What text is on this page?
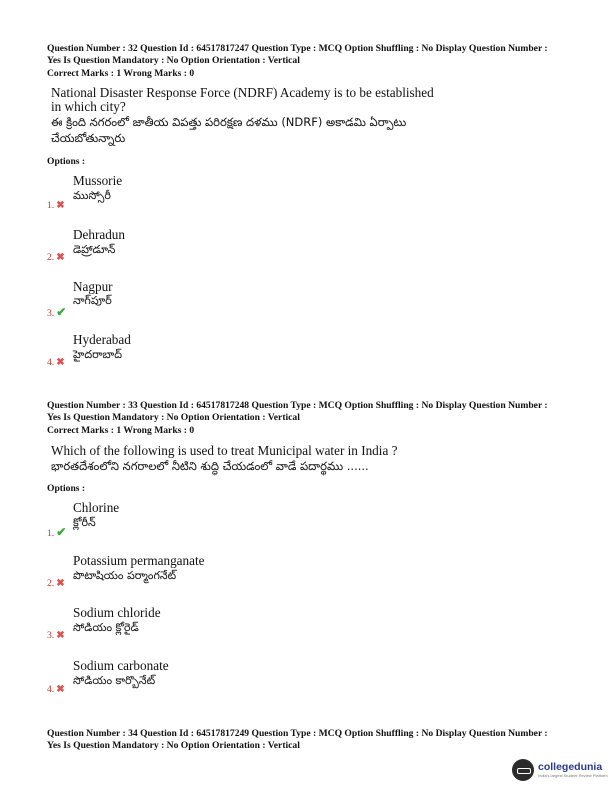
Question Number : 32 Question Id : 64517817247 Question Type : MCQ Option Shuffling : No Display Question Number :
Yes Is Question Mandatory : No Option Orientation : Vertical
Correct Marks : 1 Wrong Marks : 0
National Disaster Response Force (NDRF) Academy is to be established
in which city?
ఈ క్రింది నగరంలో జాతీయ విపత్తు పరిరక్షణ దళము (NDRF) అకాడమి ఏర్పాటు
చేయబోతున్నారు
Options :
Mussorie
ముస్సోరీ
1. ✖
Dehradun
డెహ్రాడూన్
2. ✖
Nagpur
నాగ్‌పూర్
3. ✔
Hyderabad
హైదరాబాద్
4. ✖
Question Number : 33 Question Id : 64517817248 Question Type : MCQ Option Shuffling : No Display Question Number :
Yes Is Question Mandatory : No Option Orientation : Vertical
Correct Marks : 1 Wrong Marks : 0
Which of the following is used to treat Municipal water in India ?
భారతదేశంలోని నగరాలలో నీటిని శుద్ధి చేయడంలో వాడే పదార్థము ......
Options :
Chlorine
క్లోరీన్
1. ✔
Potassium permanganate
పొటాషియం పర్మాంగనేట్
2. ✖
Sodium chloride
సోడియం క్లోరైడ్
3. ✖
Sodium carbonate
సోడియం కార్బొనేట్
4. ✖
Question Number : 34 Question Id : 64517817249 Question Type : MCQ Option Shuffling : No Display Question Number :
Yes Is Question Mandatory : No Option Orientation : Vertical
collegedunia
India's largest Student Review Platform
